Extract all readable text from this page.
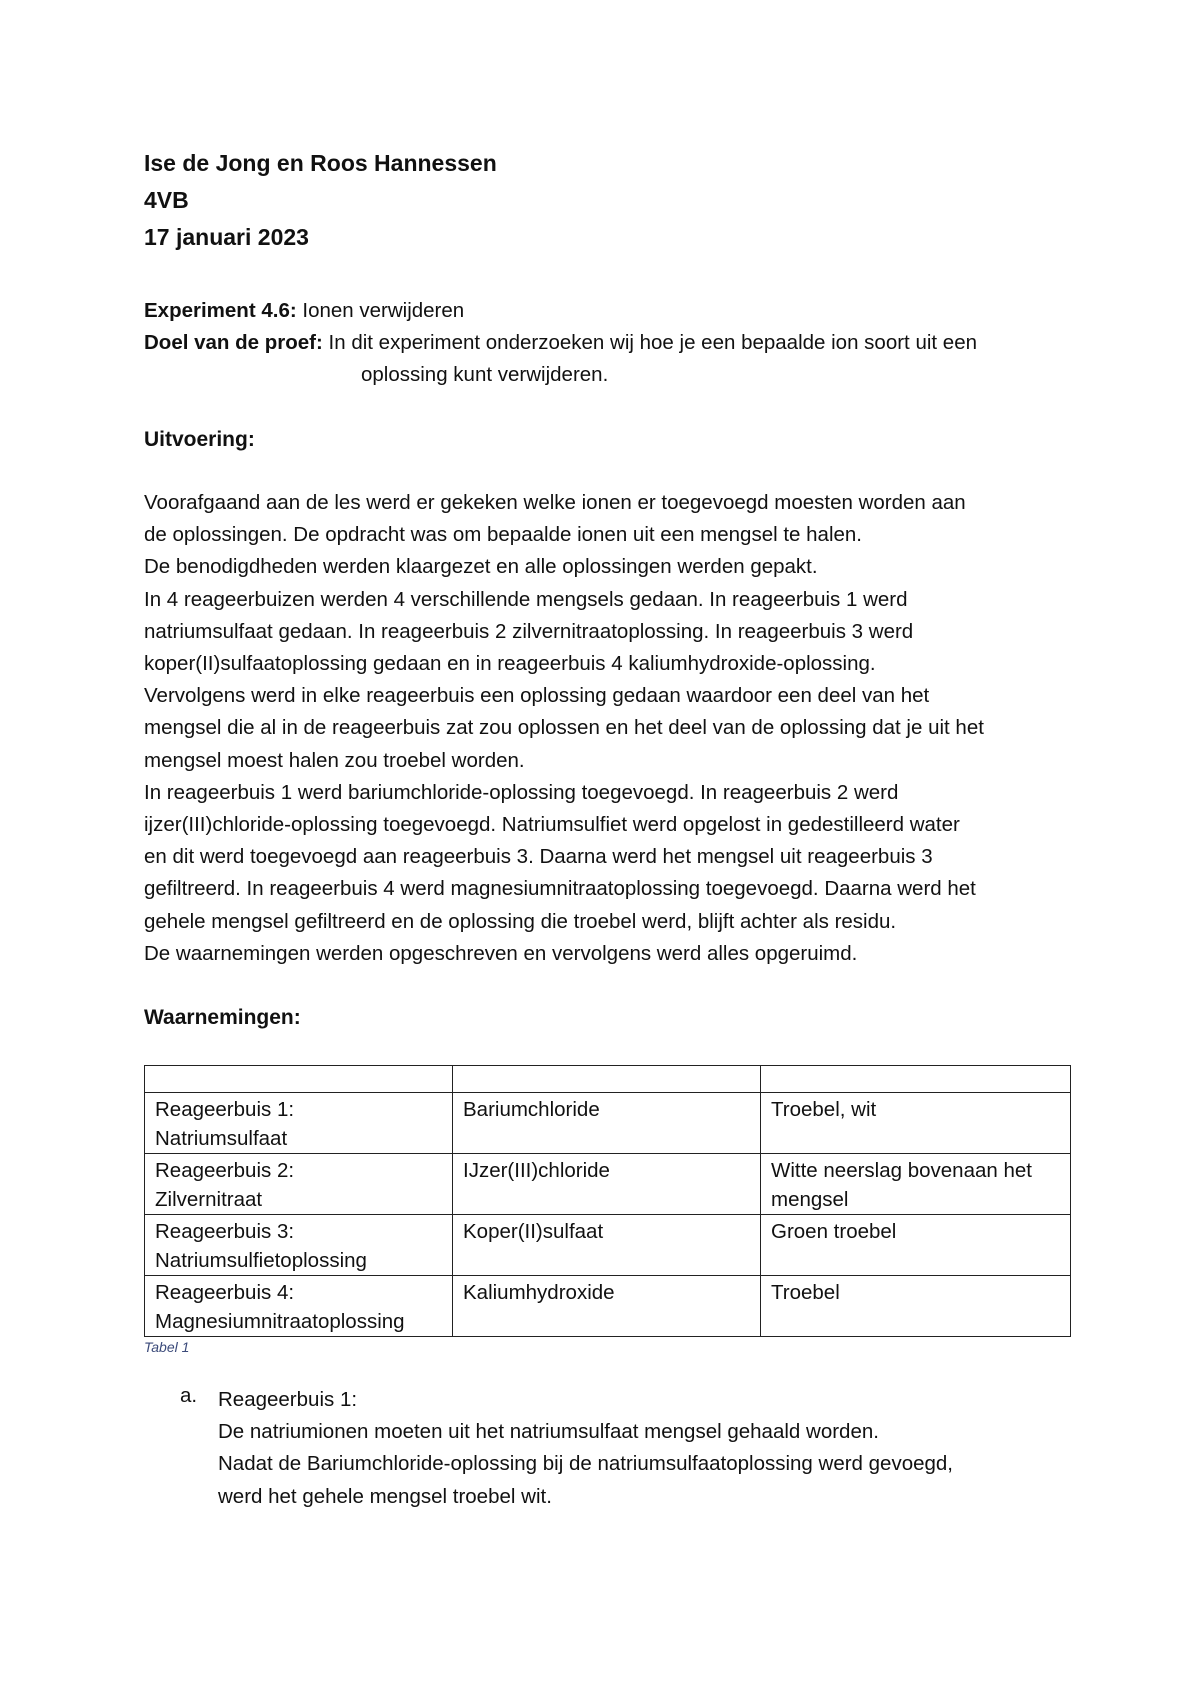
Ise de Jong en Roos Hannessen
4VB
17 januari 2023
Experiment 4.6: Ionen verwijderen
Doel van de proef: In dit experiment onderzoeken wij hoe je een bepaalde ion soort uit een
oplossing kunt verwijderen.
Uitvoering:

Voorafgaand aan de les werd er gekeken welke ionen er toegevoegd moesten worden aan

de oplossingen. De opdracht was om bepaalde ionen uit een mengsel te halen.

De benodigdheden werden klaargezet en alle oplossingen werden gepakt.

In 4 reageerbuizen werden 4 verschillende mengsels gedaan. In reageerbuis 1 werd

natriumsulfaat gedaan. In reageerbuis 2 zilvernitraatoplossing. In reageerbuis 3 werd

koper(II)sulfaatoplossing gedaan en in reageerbuis 4 kaliumhydroxide-oplossing.

Vervolgens werd in elke reageerbuis een oplossing gedaan waardoor een deel van het

mengsel die al in de reageerbuis zat zou oplossen en het deel van de oplossing dat je uit het

mengsel moest halen zou troebel worden.

In reageerbuis 1 werd bariumchloride-oplossing toegevoegd. In reageerbuis 2 werd

ijzer(III)chloride-oplossing toegevoegd. Natriumsulfiet werd opgelost in gedestilleerd water

en dit werd toegevoegd aan reageerbuis 3. Daarna werd het mengsel uit reageerbuis 3

gefiltreerd. In reageerbuis 4 werd magnesiumnitraatoplossing toegevoegd. Daarna werd het

gehele mengsel gefiltreerd en de oplossing die troebel werd, blijft achter als residu.

De waarnemingen werden opgeschreven en vervolgens werd alles opgeruimd.

Waarnemingen:

Reageerbuis 1:
Natriumsulfaat	Bariumchloride	Troebel, wit

Reageerbuis 2:
Zilvernitraat	IJzer(III)chloride	Witte neerslag bovenaan het mengsel

Reageerbuis 3:
Natriumsulfietoplossing	Koper(II)sulfaat	Groen troebel

Reageerbuis 4:
Magnesiumnitraatoplossing	Kaliumhydroxide	Troebel
Tabel 1
a. Reageerbuis 1:

De natriumionen moeten uit het natriumsulfaat mengsel gehaald worden.

Nadat de Bariumchloride-oplossing bij de natriumsulfaatoplossing werd gevoegd,

werd het gehele mengsel troebel wit.
